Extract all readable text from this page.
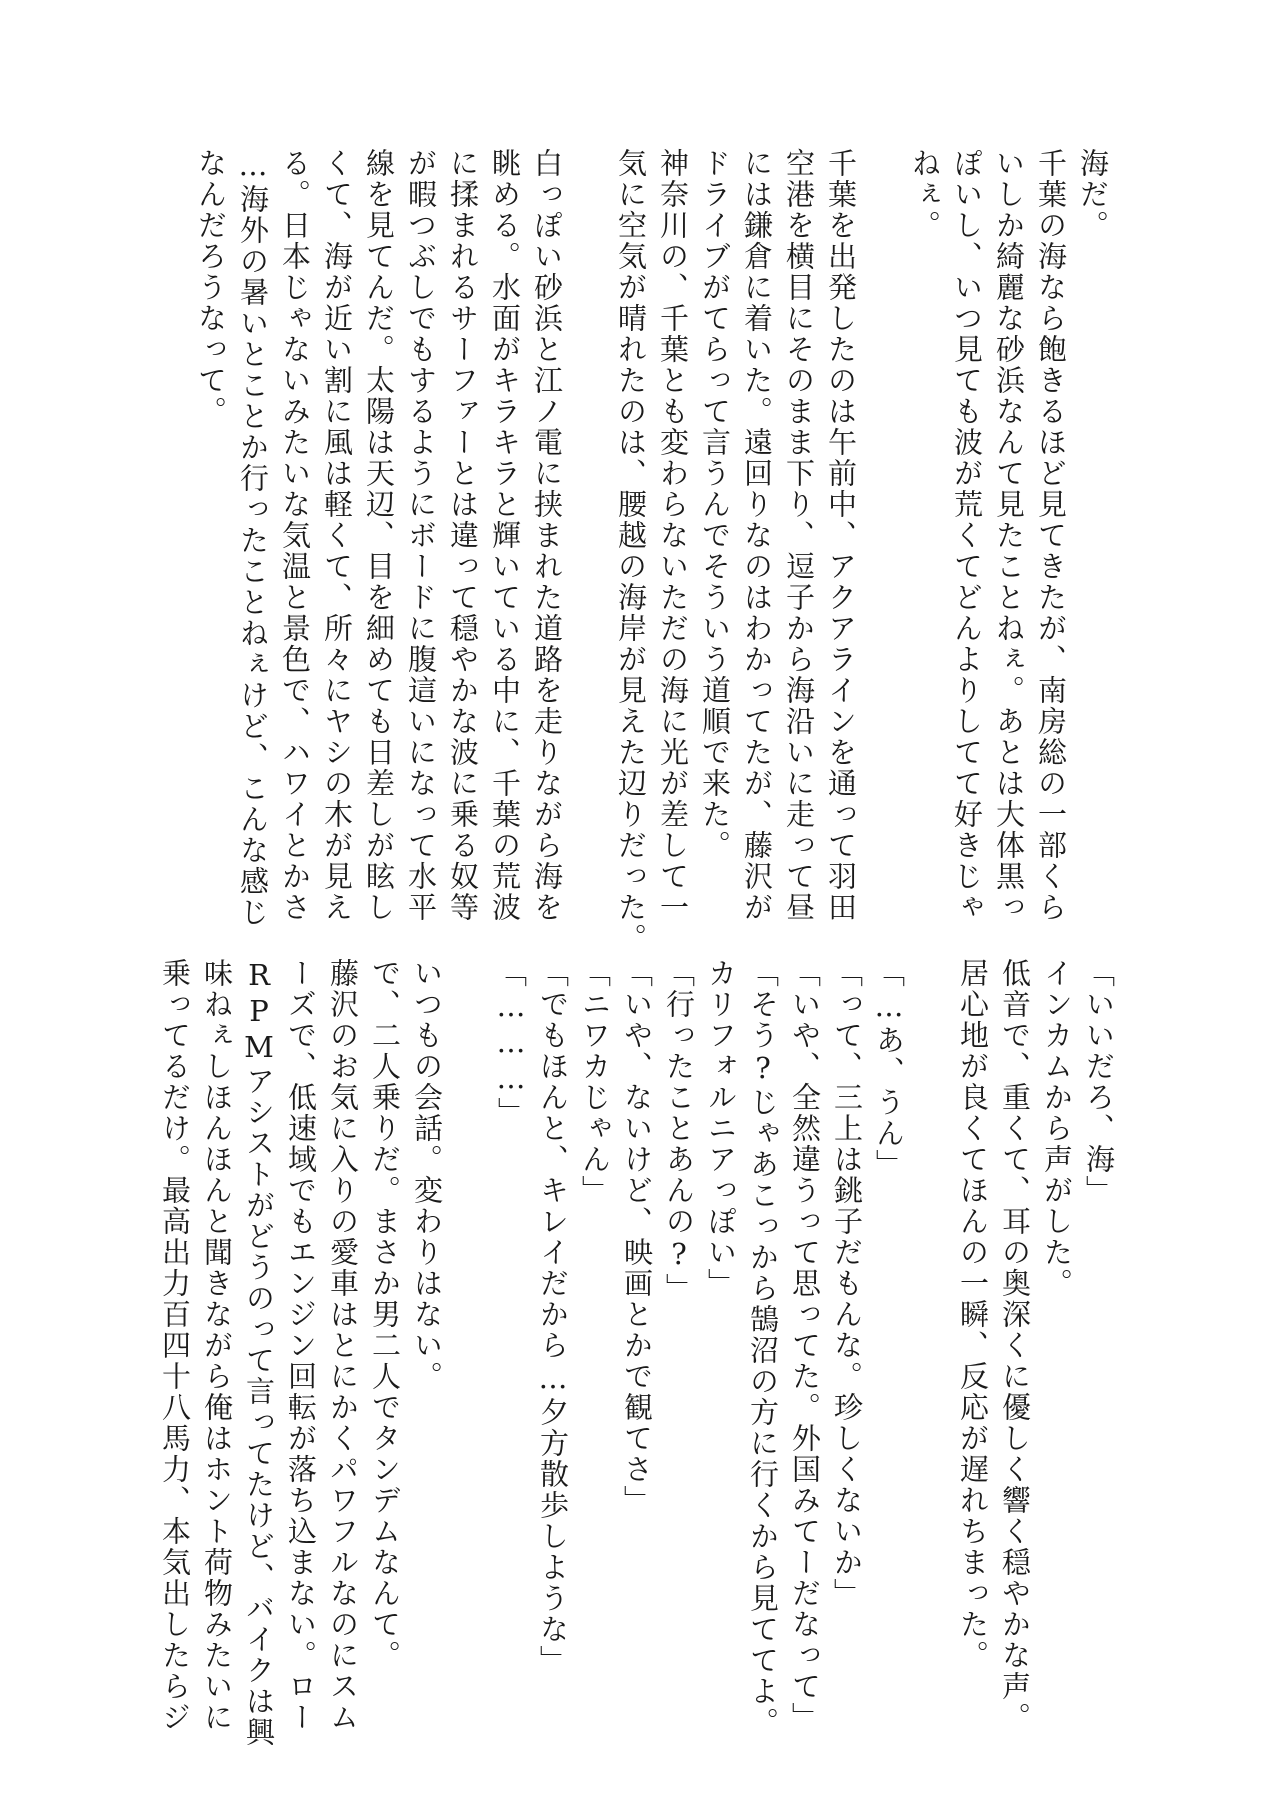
海だ。
千葉の海なら飽きるほど見てきたが、南房総の一部くら
いしか綺麗な砂浜なんて見たことねぇ。あとは大体黒っ
ぽいし、いつ見ても波が荒くてどんよりしてて好きじゃ
ねぇ。

千葉を出発したのは午前中、アクアラインを通って羽田
空港を横目にそのまま下り、逗子から海沿いに走って昼
には鎌倉に着いた。遠回りなのはわかってたが、藤沢が
ドライブがてらって言うんでそういう道順で来た。
神奈川の、千葉とも変わらないただの海に光が差して一
気に空気が晴れたのは、腰越の海岸が見えた辺りだった。

白っぽい砂浜と江ノ電に挟まれた道路を走りながら海を
眺める。水面がキラキラと輝いている中に、千葉の荒波
に揉まれるサーファーとは違って穏やかな波に乗る奴等
が暇つぶしでもするようにボードに腹這いになって水平
線を見てんだ。太陽は天辺、目を細めても日差しが眩し
くて、海が近い割に風は軽くて、所々にヤシの木が見え
る。日本じゃないみたいな気温と景色で、ハワイとかさ
…海外の暑いとことか行ったことねぇけど、こんな感じ
なんだろうなって。
「いいだろ、海」
インカムから声がした。
低音で、重くて、耳の奥深くに優しく響く穏やかな声。
居心地が良くてほんの一瞬、反応が遅れちまった。

「…あ、うん」
「って、三上は銚子だもんな。珍しくないか」
「いや、全然違うって思ってた。外国みてーだなって」
「そう?じゃあこっから鵠沼の方に行くから見ててよ。
カリフォルニアっぽい」
「行ったことあんの?」
「いや、ないけど、映画とかで観てさ」
「ニワカじゃん」
「でもほんと、キレイだから…夕方散歩しような」
「………」

いつもの会話。変わりはない。
で、二人乗りだ。まさか男二人でタンデムなんて。
藤沢のお気に入りの愛車はとにかくパワフルなのにスム
ーズで、低速域でもエンジン回転が落ち込まない。ロー
RPMアシストがどうのって言ってたけど、バイクは興
味ねぇしほんほんと聞きながら俺はホント荷物みたいに
乗ってるだけ。最高出力百四十八馬力、本気出したらジ
